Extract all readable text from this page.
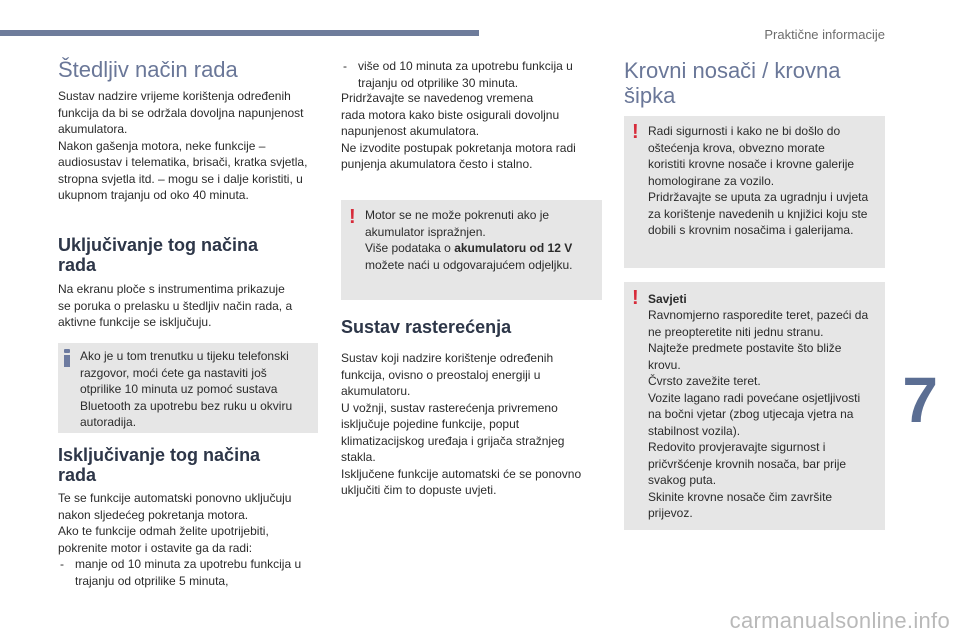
Praktične informacije
7
Štedljiv način rada

Sustav nadzire vrijeme korištenja određenih
funkcija da bi se održala dovoljna napunjenost
akumulatora.
Nakon gašenja motora, neke funkcije –
audiosustav i telematika, brisači, kratka svjetla,
stropna svjetla itd. – mogu se i dalje koristiti, u
ukupnom trajanju od oko 40 minuta.

Uključivanje tog načina
rada

Na ekranu ploče s instrumentima prikazuje
se poruka o prelasku u štedljiv način rada, a
aktivne funkcije se isključuju.

Isključivanje tog načina
rada

Te se funkcije automatski ponovno uključuju
nakon sljedećeg pokretanja motora.
Ako te funkcije odmah želite upotrijebiti,
pokrenite motor i ostavite ga da radi:

- manje od 10 minuta za upotrebu funkcija u
trajanju od otprilike 5 minuta,

Ako je u tom trenutku u tijeku telefonski
razgovor, moći ćete ga nastaviti još
otprilike 10 minuta uz pomoć sustava
Bluetooth za upotrebu bez ruku u okviru
autoradija.

- više od 10 minuta za upotrebu funkcija u
trajanju od otprilike 30 minuta.

Pridržavajte se navedenog vremena
rada motora kako biste osigurali dovoljnu
napunjenost akumulatora.
Ne izvodite postupak pokretanja motora radi
punjenja akumulatora često i stalno.

Sustav rasterećenja

Sustav koji nadzire korištenje određenih
funkcija, ovisno o preostaloj energiji u
akumulatoru.
U vožnji, sustav rasterećenja privremeno
isključuje pojedine funkcije, poput
klimatizacijskog uređaja i grijača stražnjeg
stakla.
Isključene funkcije automatski će se ponovno
uključiti čim to dopuste uvjeti.

! Motor se ne može pokrenuti ako je
akumulator ispražnjen.
Više podataka o akumulatoru od 12 V
možete naći u odgovarajućem odjeljku.

Krovni nosači / krovna
šipka
! Radi sigurnosti i kako ne bi došlo do
oštećenja krova, obvezno morate
koristiti krovne nosače i krovne galerije
homologirane za vozilo.
Pridržavajte se uputa za ugradnju i uvjeta
za korištenje navedenih u knjižici koju ste
dobili s krovnim nosačima i galerijama.

! Savjeti

Ravnomjerno rasporedite teret, pazeći da
ne preopteretite niti jednu stranu.
Najteže predmete postavite što bliže
krovu.
Čvrsto zavežite teret.
Vozite lagano radi povećane osjetljivosti
na bočni vjetar (zbog utjecaja vjetra na
stabilnost vozila).
Redovito provjeravajte sigurnost i
pričvršćenje krovnih nosača, bar prije
svakog puta.
Skinite krovne nosače čim završite
prijevoz.

carmanualsonline.info
